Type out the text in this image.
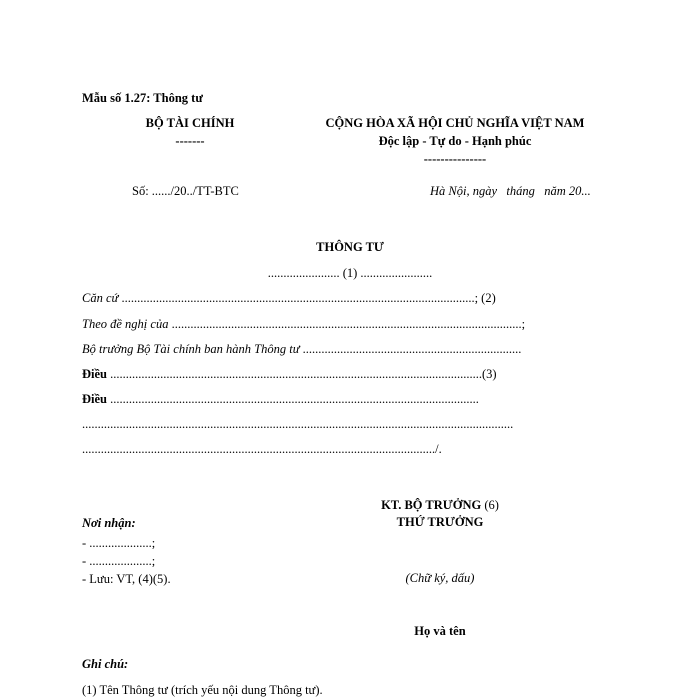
Mẫu số 1.27: Thông tư
BỘ TÀI CHÍNH
-------
CỘNG HÒA XÃ HỘI CHỦ NGHĨA VIỆT NAM
Độc lập - Tự do - Hạnh phúc
---------------
Số: ....../20../TT-BTC	Hà Nội, ngày   tháng   năm 20...
THÔNG TƯ
....................... (1) .......................
Căn cứ .................................................................................................................; (2)
Theo đề nghị của ................................................................................................................;
Bộ trưởng Bộ Tài chính ban hành Thông tư ......................................................................
Điều .......................................................................................................................(3)
Điều ......................................................................................................................
..........................................................................................................................................
................................................................................................................./.
KT. BỘ TRƯỞNG (6)
THỨ TRƯỞNG
Nơi nhận:
- ....................;
- ....................;
- Lưu: VT, (4)(5).	(Chữ ký, dấu)
Họ và tên
Ghi chú:
(1) Tên Thông tư (trích yếu nội dung Thông tư).
